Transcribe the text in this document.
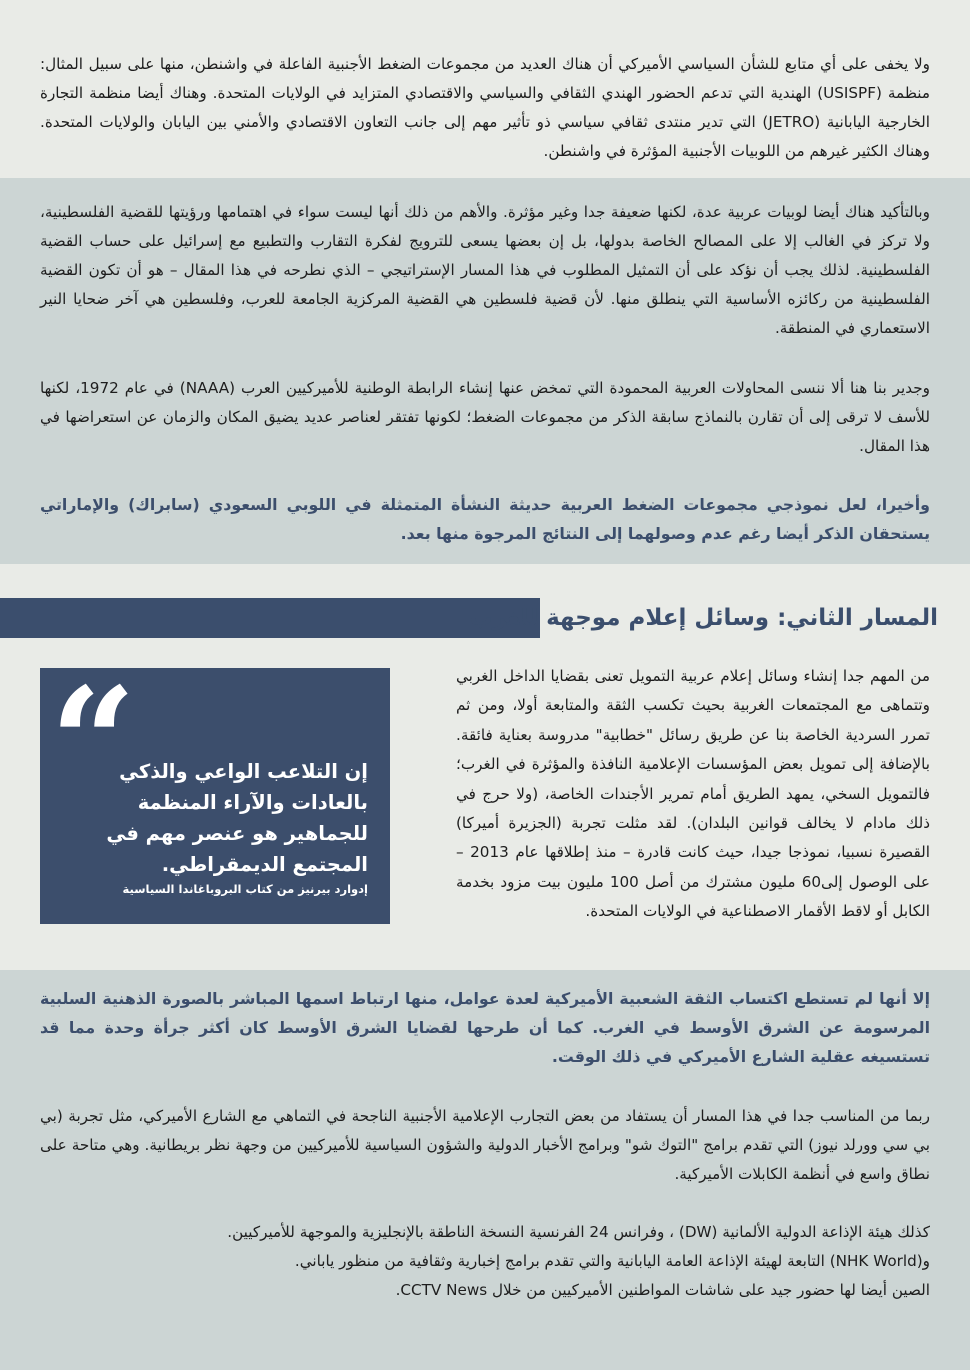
ولا يخفى على أي متابع للشأن السياسي الأميركي أن هناك العديد من مجموعات الضغط الأجنبية الفاعلة في واشنطن، منها على سبيل المثال: منظمة (USISPF) الهندية التي تدعم الحضور الهندي الثقافي والسياسي والاقتصادي المتزايد في الولايات المتحدة. وهناك أيضا منظمة التجارة الخارجية اليابانية (JETRO) التي تدير منتدى ثقافي سياسي ذو تأثير مهم إلى جانب التعاون الاقتصادي والأمني بين اليابان والولايات المتحدة. وهناك الكثير غيرهم من اللوبيات الأجنبية المؤثرة في واشنطن.

وبالتأكيد هناك أيضا لوبيات عربية عدة، لكنها ضعيفة جدا وغير مؤثرة. والأهم من ذلك أنها ليست سواء في اهتمامها ورؤيتها للقضية الفلسطينية، ولا تركز في الغالب إلا على المصالح الخاصة بدولها، بل إن بعضها يسعى للترويج لفكرة التقارب والتطبيع مع إسرائيل على حساب القضية الفلسطينية. لذلك يجب أن نؤكد على أن التمثيل المطلوب في هذا المسار الإستراتيجي – الذي نطرحه في هذا المقال – هو أن تكون القضية الفلسطينية من ركائزه الأساسية التي ينطلق منها. لأن قضية فلسطين هي القضية المركزية الجامعة للعرب، وفلسطين هي آخر ضحايا النير الاستعماري في المنطقة.

وجدير بنا هنا ألا ننسى المحاولات العربية المحمودة التي تمخض عنها إنشاء الرابطة الوطنية للأميركيين العرب (NAAA) في عام 1972، لكنها للأسف لا ترقى إلى أن تقارن بالنماذج سابقة الذكر من مجموعات الضغط؛ لكونها تفتقر لعناصر عديد يضيق المكان والزمان عن استعراضها في هذا المقال.

وأخيرا، لعل نموذجي مجموعات الضغط العربية حديثة النشأة المتمثلة في اللوبي السعودي (سابراك) والإماراتي يستحقان الذكر أيضا رغم عدم وصولهما إلى النتائج المرجوة منها بعد.

المسار الثاني: وسائل إعلام موجهة للغرب

من المهم جدا إنشاء وسائل إعلام عربية التمويل تعنى بقضايا الداخل الغربي وتتماهى مع المجتمعات الغربية بحيث تكسب الثقة والمتابعة أولا، ومن ثم تمرر السردية الخاصة بنا عن طريق رسائل "خطابية" مدروسة بعناية فائقة. بالإضافة إلى تمويل بعض المؤسسات الإعلامية النافذة والمؤثرة في الغرب؛ فالتمويل السخي، يمهد الطريق أمام تمرير الأجندات الخاصة، (ولا حرج في ذلك مادام لا يخالف قوانين البلدان). لقد مثلت تجربة (الجزيرة أميركا) القصيرة نسبيا، نموذجا جيدا، حيث كانت قادرة – منذ إطلاقها عام 2013 – على الوصول إلى60 مليون مشترك من أصل 100 مليون بيت مزود بخدمة الكابل أو لاقط الأقمار الاصطناعية في الولايات المتحدة.

“
إن التلاعب الواعي والذكي بالعادات والآراء المنظمة للجماهير هو عنصر مهم في المجتمع الديمقراطي.
إدوارد بيرنيز من كتاب البروباغاندا السياسية

إلا أنها لم تستطع اكتساب الثقة الشعبية الأميركية لعدة عوامل، منها ارتباط اسمها المباشر بالصورة الذهنية السلبية المرسومة عن الشرق الأوسط في الغرب. كما أن طرحها لقضايا الشرق الأوسط كان أكثر جرأة وحدة مما قد تستسيغه عقلية الشارع الأميركي في ذلك الوقت.

ربما من المناسب جدا في هذا المسار أن يستفاد من بعض التجارب الإعلامية الأجنبية الناجحة في التماهي مع الشارع الأميركي، مثل تجربة (بي بي سي وورلد نيوز) التي تقدم برامج "التوك شو" وبرامج الأخبار الدولية والشؤون السياسية للأميركيين من وجهة نظر بريطانية. وهي متاحة على نطاق واسع في أنظمة الكابلات الأميركية.

كذلك هيئة الإذاعة الدولية الألمانية (DW) ، وفرانس 24 الفرنسية النسخة الناطقة بالإنجليزية والموجهة للأميركيين.
و(NHK World) التابعة لهيئة الإذاعة العامة اليابانية والتي تقدم برامج إخبارية وثقافية من منظور ياباني.
الصين أيضا لها حضور جيد على شاشات المواطنين الأميركيين من خلال CCTV News.
